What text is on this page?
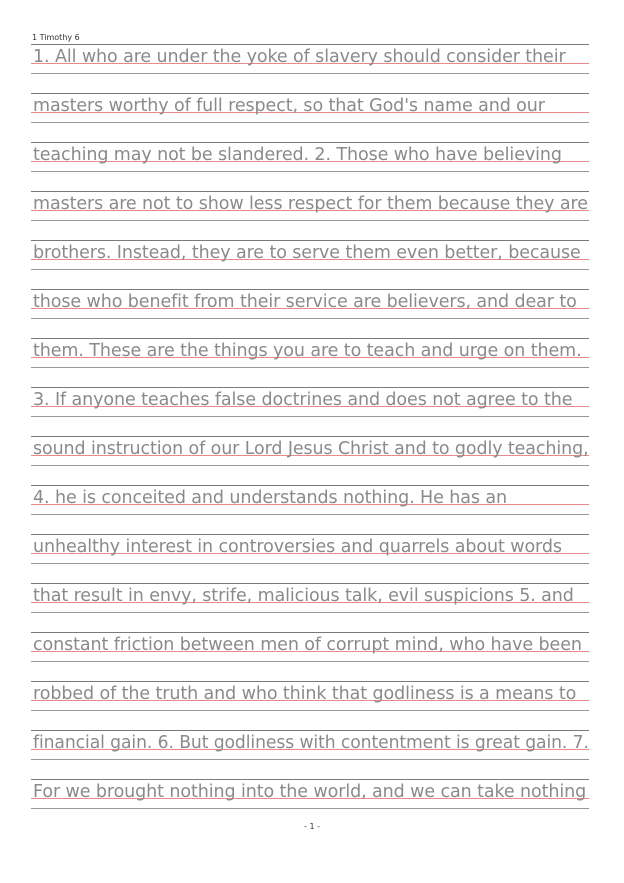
1 Timothy 6
1. All who are under the yoke of slavery should consider their
masters worthy of full respect, so that God's name and our
teaching may not be slandered. 2. Those who have believing
masters are not to show less respect for them because they are
brothers. Instead, they are to serve them even better, because
those who benefit from their service are believers, and dear to
them. These are the things you are to teach and urge on them.
3. If anyone teaches false doctrines and does not agree to the
sound instruction of our Lord Jesus Christ and to godly teaching,
4. he is conceited and understands nothing. He has an
unhealthy interest in controversies and quarrels about words
that result in envy, strife, malicious talk, evil suspicions 5. and
constant friction between men of corrupt mind, who have been
robbed of the truth and who think that godliness is a means to
financial gain. 6. But godliness with contentment is great gain. 7.
For we brought nothing into the world, and we can take nothing
- 1 -
